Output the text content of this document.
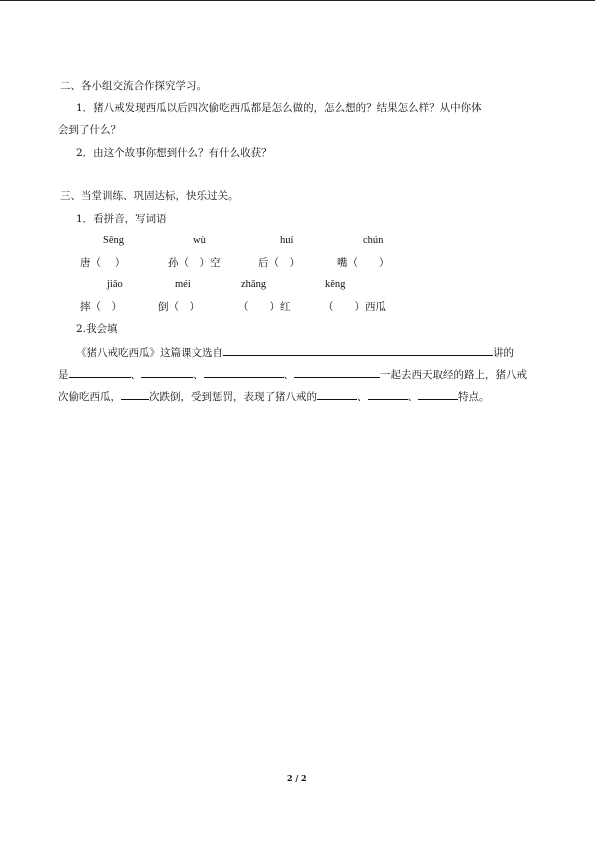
二、各小组交流合作探究学习。
1．猪八戒发现西瓜以后四次偷吃西瓜都是怎么做的，怎么想的？结果怎么样？从中你体
会到了什么？
2．由这个故事你想到什么？有什么收获？
三、当堂训练、巩固达标，快乐过关。
1．看拼音，写词语
Sēng	wù	huí	chún
唐（　 ）	孙（　）空	后（　）	嘴（　　）
jiāo	méi	zhāng	kēng
摔（　）	倒（　）	（　　）红	（　　）西瓜
2.我会填
《猪八戒吃西瓜》这篇课文选自	讲的
是	、	、	、	一起去西天取经的路上，猪八戒
次偷吃西瓜，	次跌倒，受到惩罚，表现了猪八戒的	、	、	特点。
2 / 2
